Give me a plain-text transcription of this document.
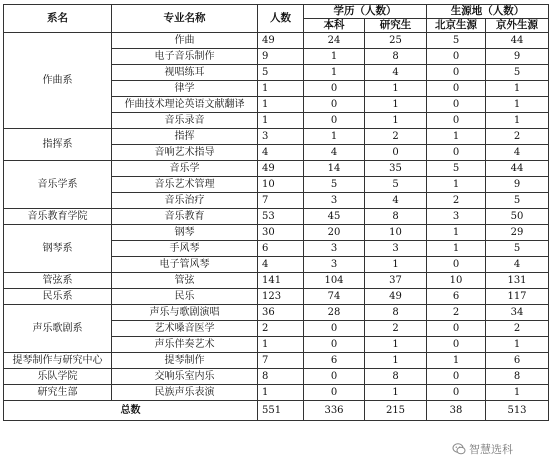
系名	专业名称	人数	学历（人数）		生源地（人数）	
			本科	研究生	北京生源	京外生源
作曲系	作曲	49	24	25	5	44
	电子音乐制作	9	1	8	0	9
	视唱练耳	5	1	4	0	5
	律学	1	0	1	0	1
	作曲技术理论英语文献翻译	1	0	1	0	1
	音乐录音	1	0	1	0	1
指挥系	指挥	3	1	2	1	2
	音响艺术指导	4	4	0	0	4
音乐学系	音乐学	49	14	35	5	44
	音乐艺术管理	10	5	5	1	9
	音乐治疗	7	3	4	2	5
音乐教育学院	音乐教育	53	45	8	3	50
钢琴系	钢琴	30	20	10	1	29
	手风琴	6	3	3	1	5
	电子管风琴	4	3	1	0	4
管弦系	管弦	141	104	37	10	131
民乐系	民乐	123	74	49	6	117
声乐歌剧系	声乐与歌剧演唱	36	28	8	2	34
	艺术嗓音医学	2	0	2	0	2
	声乐伴奏艺术	1	0	1	0	1
提琴制作与研究中心	提琴制作	7	6	1	1	6
乐队学院	交响乐室内乐	8	0	8	0	8
研究生部	民族声乐表演	1	0	1	0	1
总数		551	336	215	38	513
智慧选科
